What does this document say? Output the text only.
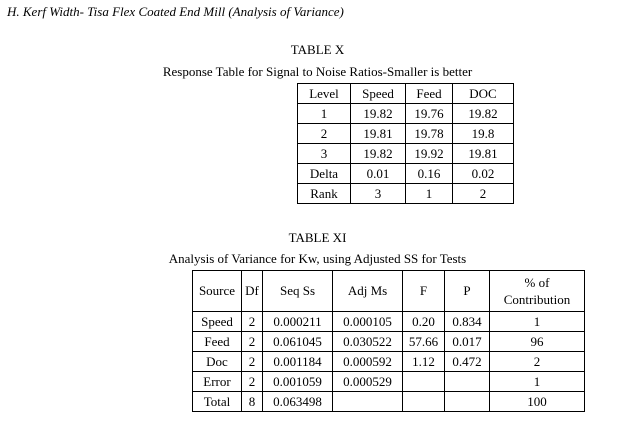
H. Kerf Width- Tisa Flex Coated End Mill (Analysis of Variance)
TABLE X
Response Table for Signal to Noise Ratios-Smaller is better
Level	Speed	Feed	DOC
1	19.82	19.76	19.82
2	19.81	19.78	19.8
3	19.82	19.92	19.81
Delta	0.01	0.16	0.02
Rank	3	1	2
TABLE XI
Analysis of Variance for Kw, using Adjusted SS for Tests
Source	Df	Seq Ss	Adj Ms	F	P	% of
Contribution
Speed	2	0.000211	0.000105	0.20	0.834	1
Feed	2	0.061045	0.030522	57.66	0.017	96
Doc	2	0.001184	0.000592	1.12	0.472	2
Error	2	0.001059	0.000529			1
Total	8	0.063498				100
